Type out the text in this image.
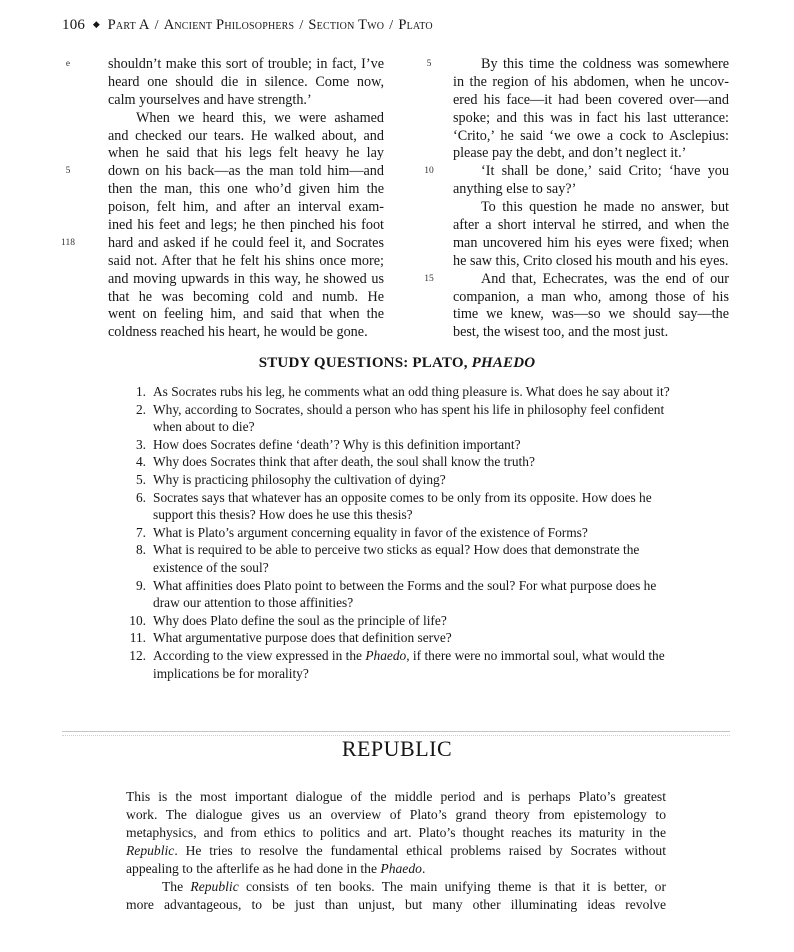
106 ◆ Part A / Ancient Philosophers / Section Two / Plato
e
5
118
shouldn’t make this sort of trouble; in fact, I’ve
heard one should die in silence. Come now,
calm yourselves and have strength.’
When we heard this, we were ashamed
and checked our tears. He walked about, and
when he said that his legs felt heavy he lay
down on his back—as the man told him—and
then the man, this one who’d given him the
poison, felt him, and after an interval exam-
ined his feet and legs; he then pinched his foot
hard and asked if he could feel it, and Socrates
said not. After that he felt his shins once more;
and moving upwards in this way, he showed us
that he was becoming cold and numb. He
went on feeling him, and said that when the
coldness reached his heart, he would be gone.
5
10
15
By this time the coldness was somewhere
in the region of his abdomen, when he uncov-
ered his face—it had been covered over—and
spoke; and this was in fact his last utterance:
‘Crito,’ he said ‘we owe a cock to Asclepius:
please pay the debt, and don’t neglect it.’
‘It shall be done,’ said Crito; ‘have you
anything else to say?’
To this question he made no answer, but
after a short interval he stirred, and when the
man uncovered him his eyes were fixed; when
he saw this, Crito closed his mouth and his eyes.
And that, Echecrates, was the end of our
companion, a man who, among those of his
time we knew, was—so we should say—the
best, the wisest too, and the most just.
STUDY QUESTIONS: PLATO, PHAEDO
1. As Socrates rubs his leg, he comments what an odd thing pleasure is. What does he say about it?
2. Why, according to Socrates, should a person who has spent his life in philosophy feel confident when about to die?
3. How does Socrates define ‘death’? Why is this definition important?
4. Why does Socrates think that after death, the soul shall know the truth?
5. Why is practicing philosophy the cultivation of dying?
6. Socrates says that whatever has an opposite comes to be only from its opposite. How does he support this thesis? How does he use this thesis?
7. What is Plato’s argument concerning equality in favor of the existence of Forms?
8. What is required to be able to perceive two sticks as equal? How does that demonstrate the existence of the soul?
9. What affinities does Plato point to between the Forms and the soul? For what purpose does he draw our attention to those affinities?
10. Why does Plato define the soul as the principle of life?
11. What argumentative purpose does that definition serve?
12. According to the view expressed in the Phaedo, if there were no immortal soul, what would the implications be for morality?
REPUBLIC
This is the most important dialogue of the middle period and is perhaps Plato’s greatest
work. The dialogue gives us an overview of Plato’s grand theory from epistemology to
metaphysics, and from ethics to politics and art. Plato’s thought reaches its maturity in the
Republic. He tries to resolve the fundamental ethical problems raised by Socrates without
appealing to the afterlife as he had done in the Phaedo.
The Republic consists of ten books. The main unifying theme is that it is better, or
more advantageous, to be just than unjust, but many other illuminating ideas revolve
